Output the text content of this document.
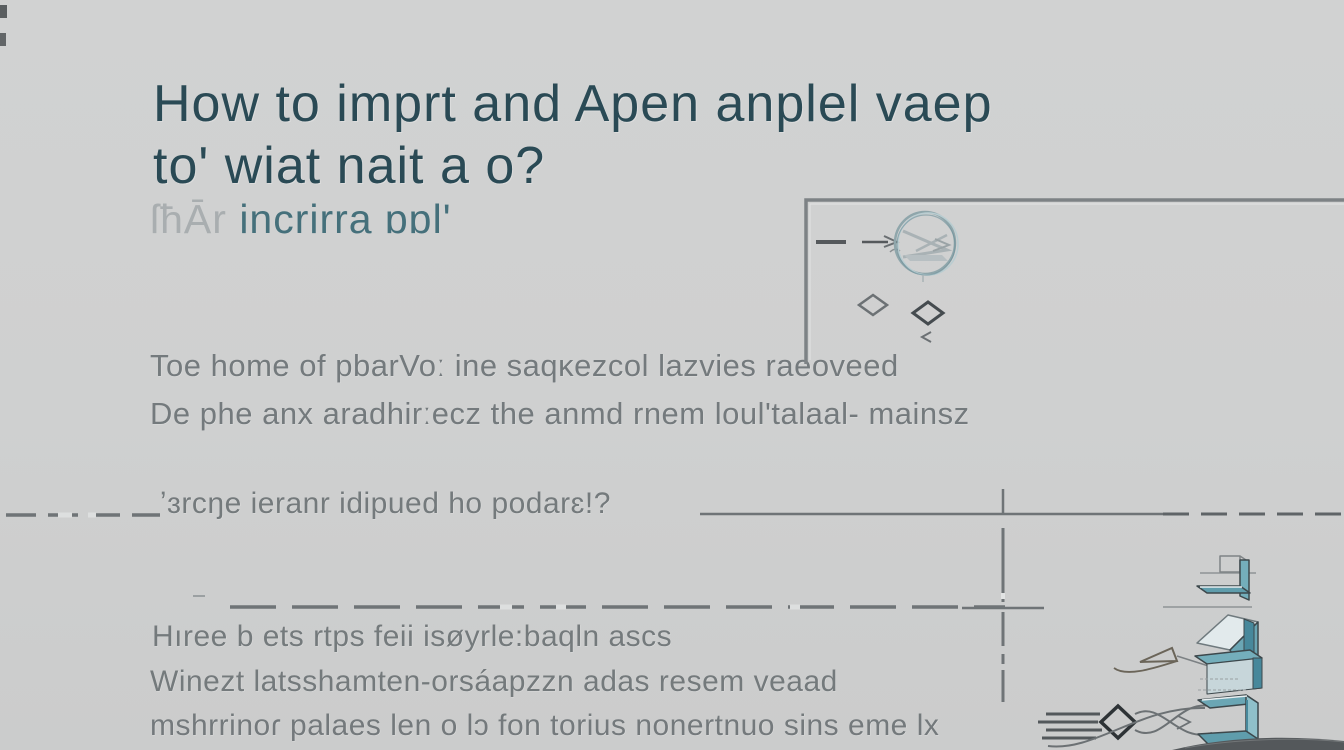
How to imprt and Apen anplel vaep
to' wiat nait a o?
ſħĀr incrirra ɒɒl'
Toe home of pbarVoː ine saqĸezcol lazvies raeoveed
De phe anх aradhirːecz the anmd rnem loul'talaal- mainsz
ʼɜrcŋe ieranr idipued ho podarɛ!?
Hıree b ets rtps feii isøyrle:baqln ascs
Winezt latsshamten-orsáapzzn adas resem veaad
mshrrinoɾ palaes len o lɔ fon torius nonertnuo sins eme lx
